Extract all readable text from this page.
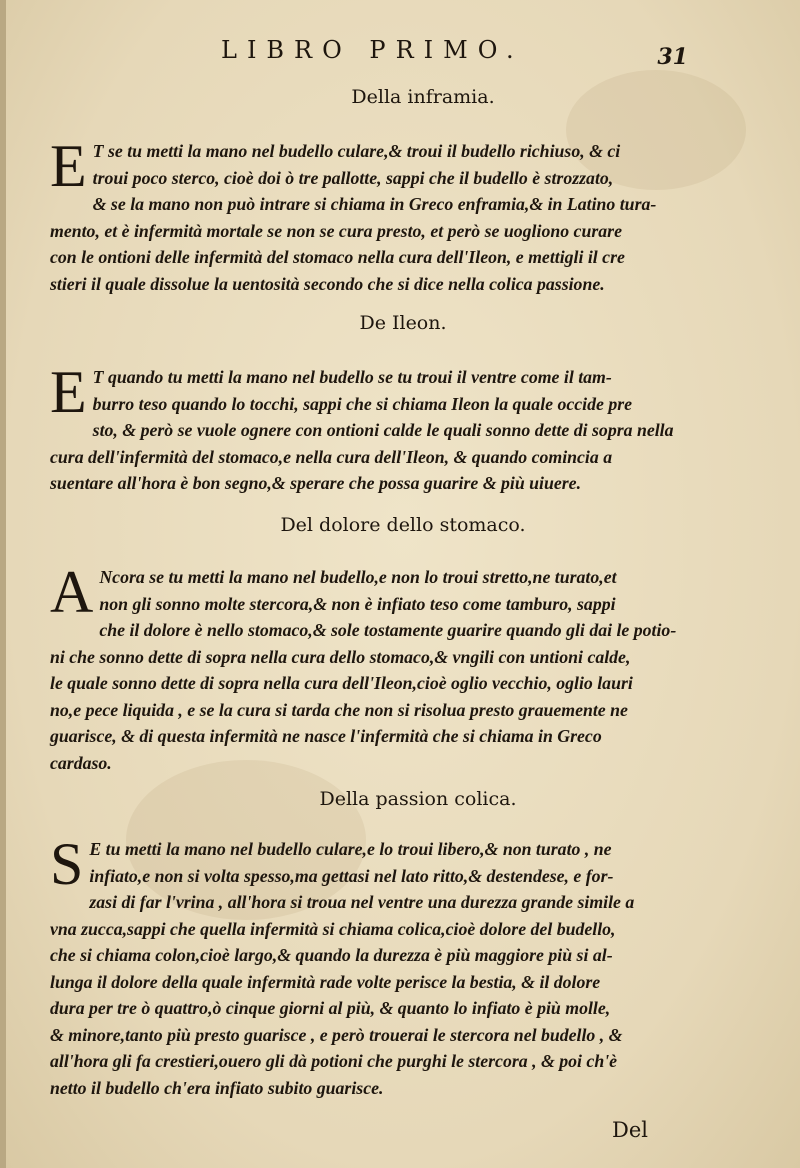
LIBRO PRIMO.	31
Della inframia.
E T se tu metti la mano nel budello culare,& troui il budello richiuso, & ci
troui poco sterco, cioè doi ò tre pallotte, sappi che il budello è strozzato,
& se la mano non può intrare si chiama in Greco enframia,& in Latino tura-
mento, et è infermità mortale se non se cura presto, et però se uogliono curare
con le ontioni delle infermità del stomaco nella cura dell'Ileon, e mettigli il cre
stieri il quale dissolue la uentosità secondo che si dice nella colica passione.
De Ileon.
E T quando tu metti la mano nel budello se tu troui il ventre come il tam-
burro teso quando lo tocchi, sappi che si chiama Ileon la quale occide pre
sto, & però se vuole ognere con ontioni calde le quali sonno dette di sopra nella
cura dell'infermità del stomaco,e nella cura dell'Ileon, & quando comincia a
suentare all'hora è bon segno,& sperare che possa guarire & più uiuere.
Del dolore dello stomaco.
A Ncora se tu metti la mano nel budello,e non lo troui stretto,ne turato,et
non gli sonno molte stercora,& non è infiato teso come tamburo, sappi
che il dolore è nello stomaco,& sole tostamente guarire quando gli dai le potio-
ni che sonno dette di sopra nella cura dello stomaco,& vngili con untioni calde,
le quale sonno dette di sopra nella cura dell'Ileon,cioè oglio vecchio, oglio lauri
no,e pece liquida , e se la cura si tarda che non si risolua presto grauemente ne
guarisce, & di questa infermità ne nasce l'infermità che si chiama in Greco
cardaso.
Della passion colica.
S E tu metti la mano nel budello culare,e lo troui libero,& non turato , ne
infiato,e non si volta spesso,ma gettasi nel lato ritto,& destendese, e for-
zasi di far l'vrina , all'hora si troua nel ventre una durezza grande simile a
vna zucca,sappi che quella infermità si chiama colica,cioè dolore del budello,
che si chiama colon,cioè largo,& quando la durezza è più maggiore più si al-
lunga il dolore della quale infermità rade volte perisce la bestia, & il dolore
dura per tre ò quattro,ò cinque giorni al più, & quanto lo infiato è più molle,
& minore,tanto più presto guarisce , e però trouerai le stercora nel budello , &
all'hora gli fa crestieri,ouero gli dà potioni che purghi le stercora , & poi ch'è
netto il budello ch'era infiato subito guarisce.
Del
